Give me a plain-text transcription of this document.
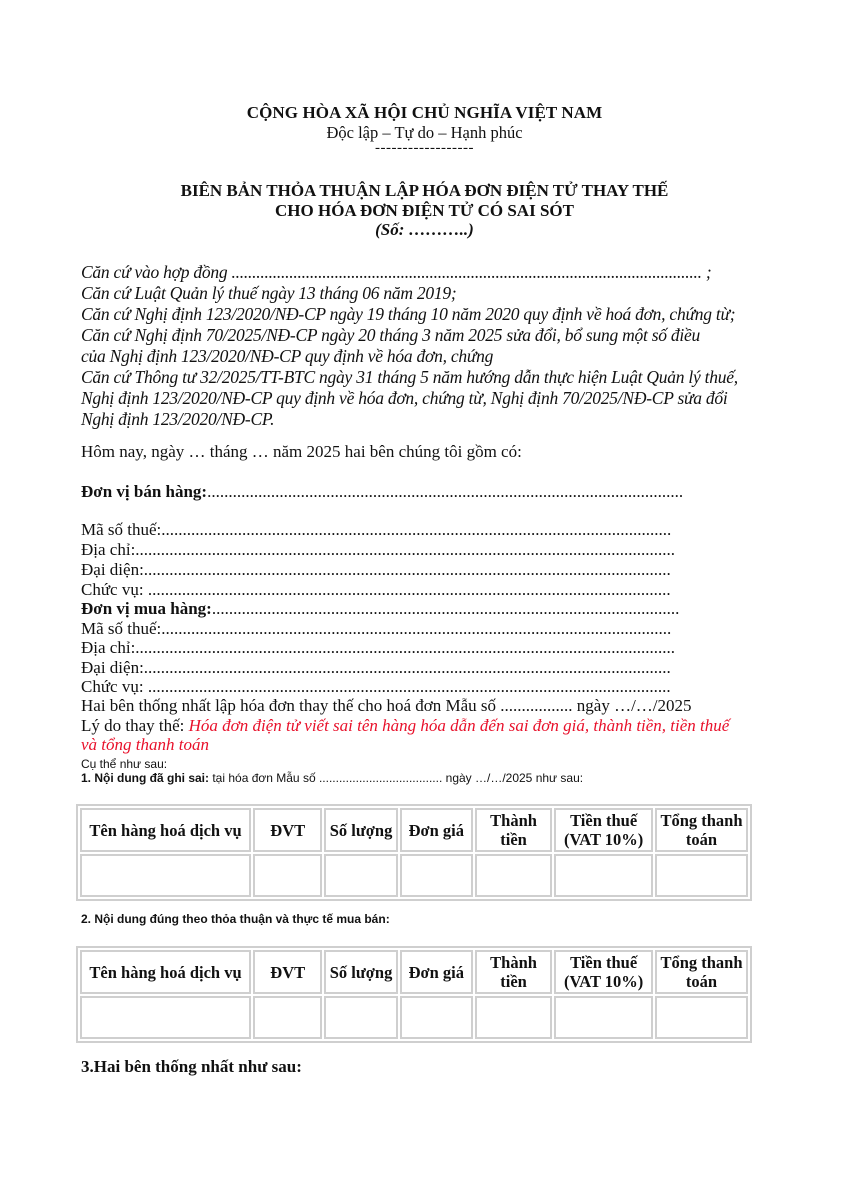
CỘNG HÒA XÃ HỘI CHỦ NGHĨA VIỆT NAM
Độc lập – Tự do – Hạnh phúc
------------------
BIÊN BẢN THỎA THUẬN LẬP HÓA ĐƠN ĐIỆN TỬ THAY THẾ
CHO HÓA ĐƠN ĐIỆN TỬ CÓ SAI SÓT
(Số: ………..)
Căn cứ vào hợp đồng .................................................................................................................. ;
Căn cứ Luật Quản lý thuế ngày 13 tháng 06 năm 2019;
Căn cứ Nghị định 123/2020/NĐ-CP ngày 19 tháng 10 năm 2020 quy định về hoá đơn, chứng từ;
Căn cứ Nghị định 70/2025/NĐ-CP ngày 20 tháng 3 năm 2025 sửa đổi, bổ sung một số điều
của Nghị định 123/2020/NĐ-CP quy định về hóa đơn, chứng
Căn cứ Thông tư 32/2025/TT-BTC ngày 31 tháng 5 năm hướng dẫn thực hiện Luật Quản lý thuế,
Nghị định 123/2020/NĐ-CP quy định về hóa đơn, chứng từ, Nghị định 70/2025/NĐ-CP sửa đổi
Nghị định 123/2020/NĐ-CP.
Hôm nay, ngày … tháng … năm 2025 hai bên chúng tôi gồm có:
Đơn vị bán hàng:................................................................................................................
Mã số thuế:........................................................................................................................
Địa chỉ:...............................................................................................................................
Đại diện:............................................................................................................................
Chức vụ: ...........................................................................................................................
Đơn vị mua hàng:..............................................................................................................
Mã số thuế:........................................................................................................................
Địa chỉ:...............................................................................................................................
Đại diện:............................................................................................................................
Chức vụ: ...........................................................................................................................
Hai bên thống nhất lập hóa đơn thay thế cho hoá đơn Mẫu số ................. ngày …/…/2025
Lý do thay thế: Hóa đơn điện tử viết sai tên hàng hóa dẫn đến sai đơn giá, thành tiền, tiền thuế
và tổng thanh toán
Cụ thể như sau:
1. Nội dung đã ghi sai: tại hóa đơn Mẫu số ..................................... ngày …/…/2025 như sau:
Tên hàng hoá dịch vụ	ĐVT	Số lượng	Đơn giá	Thành tiền	Tiền thuế (VAT 10%)	Tổng thanh toán

2. Nội dung đúng theo thỏa thuận và thực tế mua bán:
Tên hàng hoá dịch vụ	ĐVT	Số lượng	Đơn giá	Thành tiền	Tiền thuế (VAT 10%)	Tổng thanh toán

3.Hai bên thống nhất như sau:
